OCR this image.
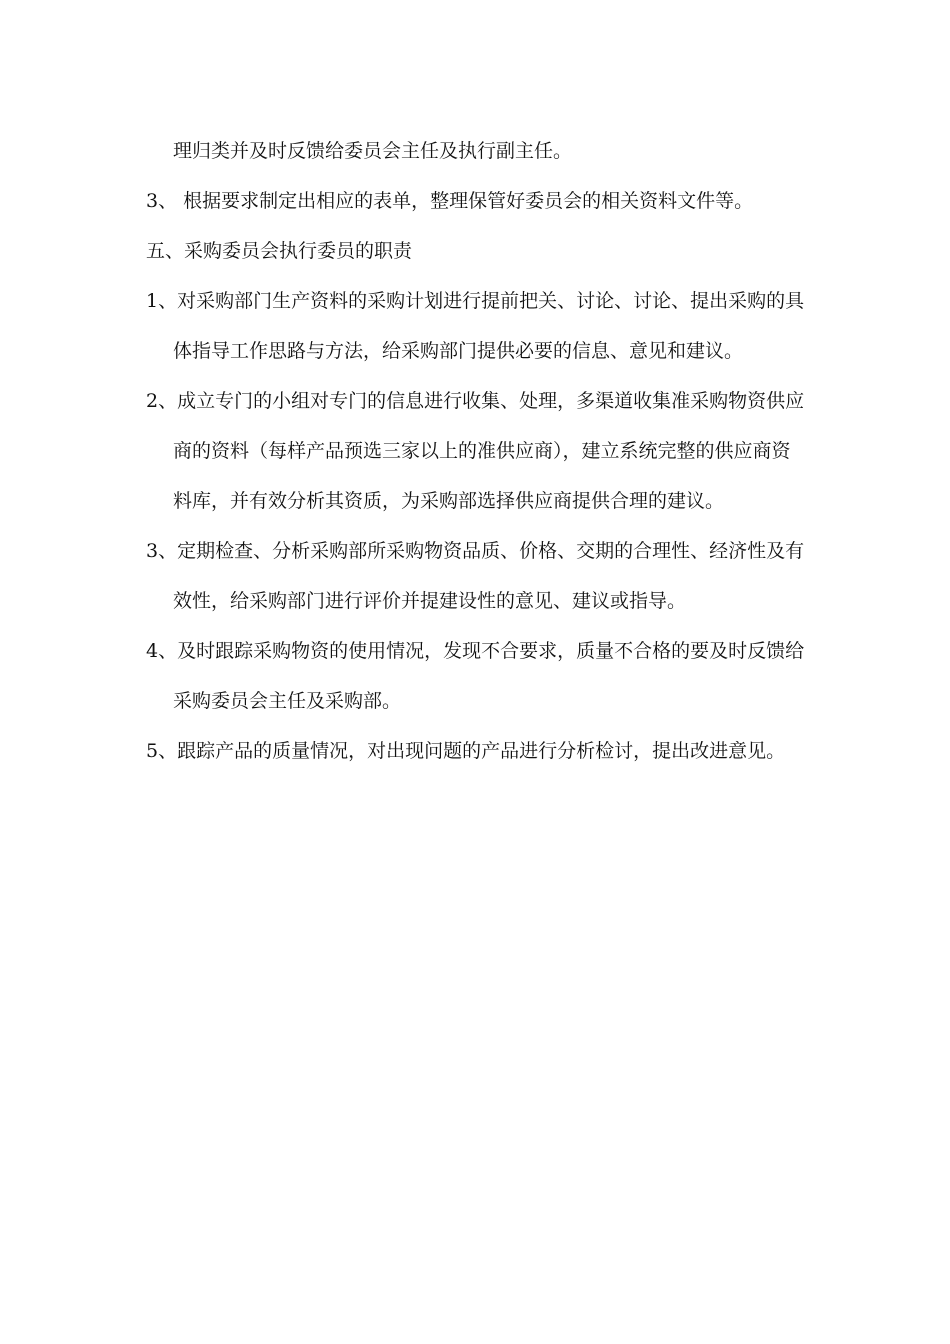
理归类并及时反馈给委员会主任及执行副主任。
3、 根据要求制定出相应的表单，整理保管好委员会的相关资料文件等。
五、采购委员会执行委员的职责
1、对采购部门生产资料的采购计划进行提前把关、讨论、讨论、提出采购的具
体指导工作思路与方法，给采购部门提供必要的信息、意见和建议。
2、成立专门的小组对专门的信息进行收集、处理，多渠道收集准采购物资供应
商的资料（每样产品预选三家以上的准供应商），建立系统完整的供应商资
料库，并有效分析其资质，为采购部选择供应商提供合理的建议。
3、定期检查、分析采购部所采购物资品质、价格、交期的合理性、经济性及有
效性，给采购部门进行评价并提建设性的意见、建议或指导。
4、及时跟踪采购物资的使用情况，发现不合要求，质量不合格的要及时反馈给
采购委员会主任及采购部。
5、跟踪产品的质量情况，对出现问题的产品进行分析检讨，提出改进意见。
